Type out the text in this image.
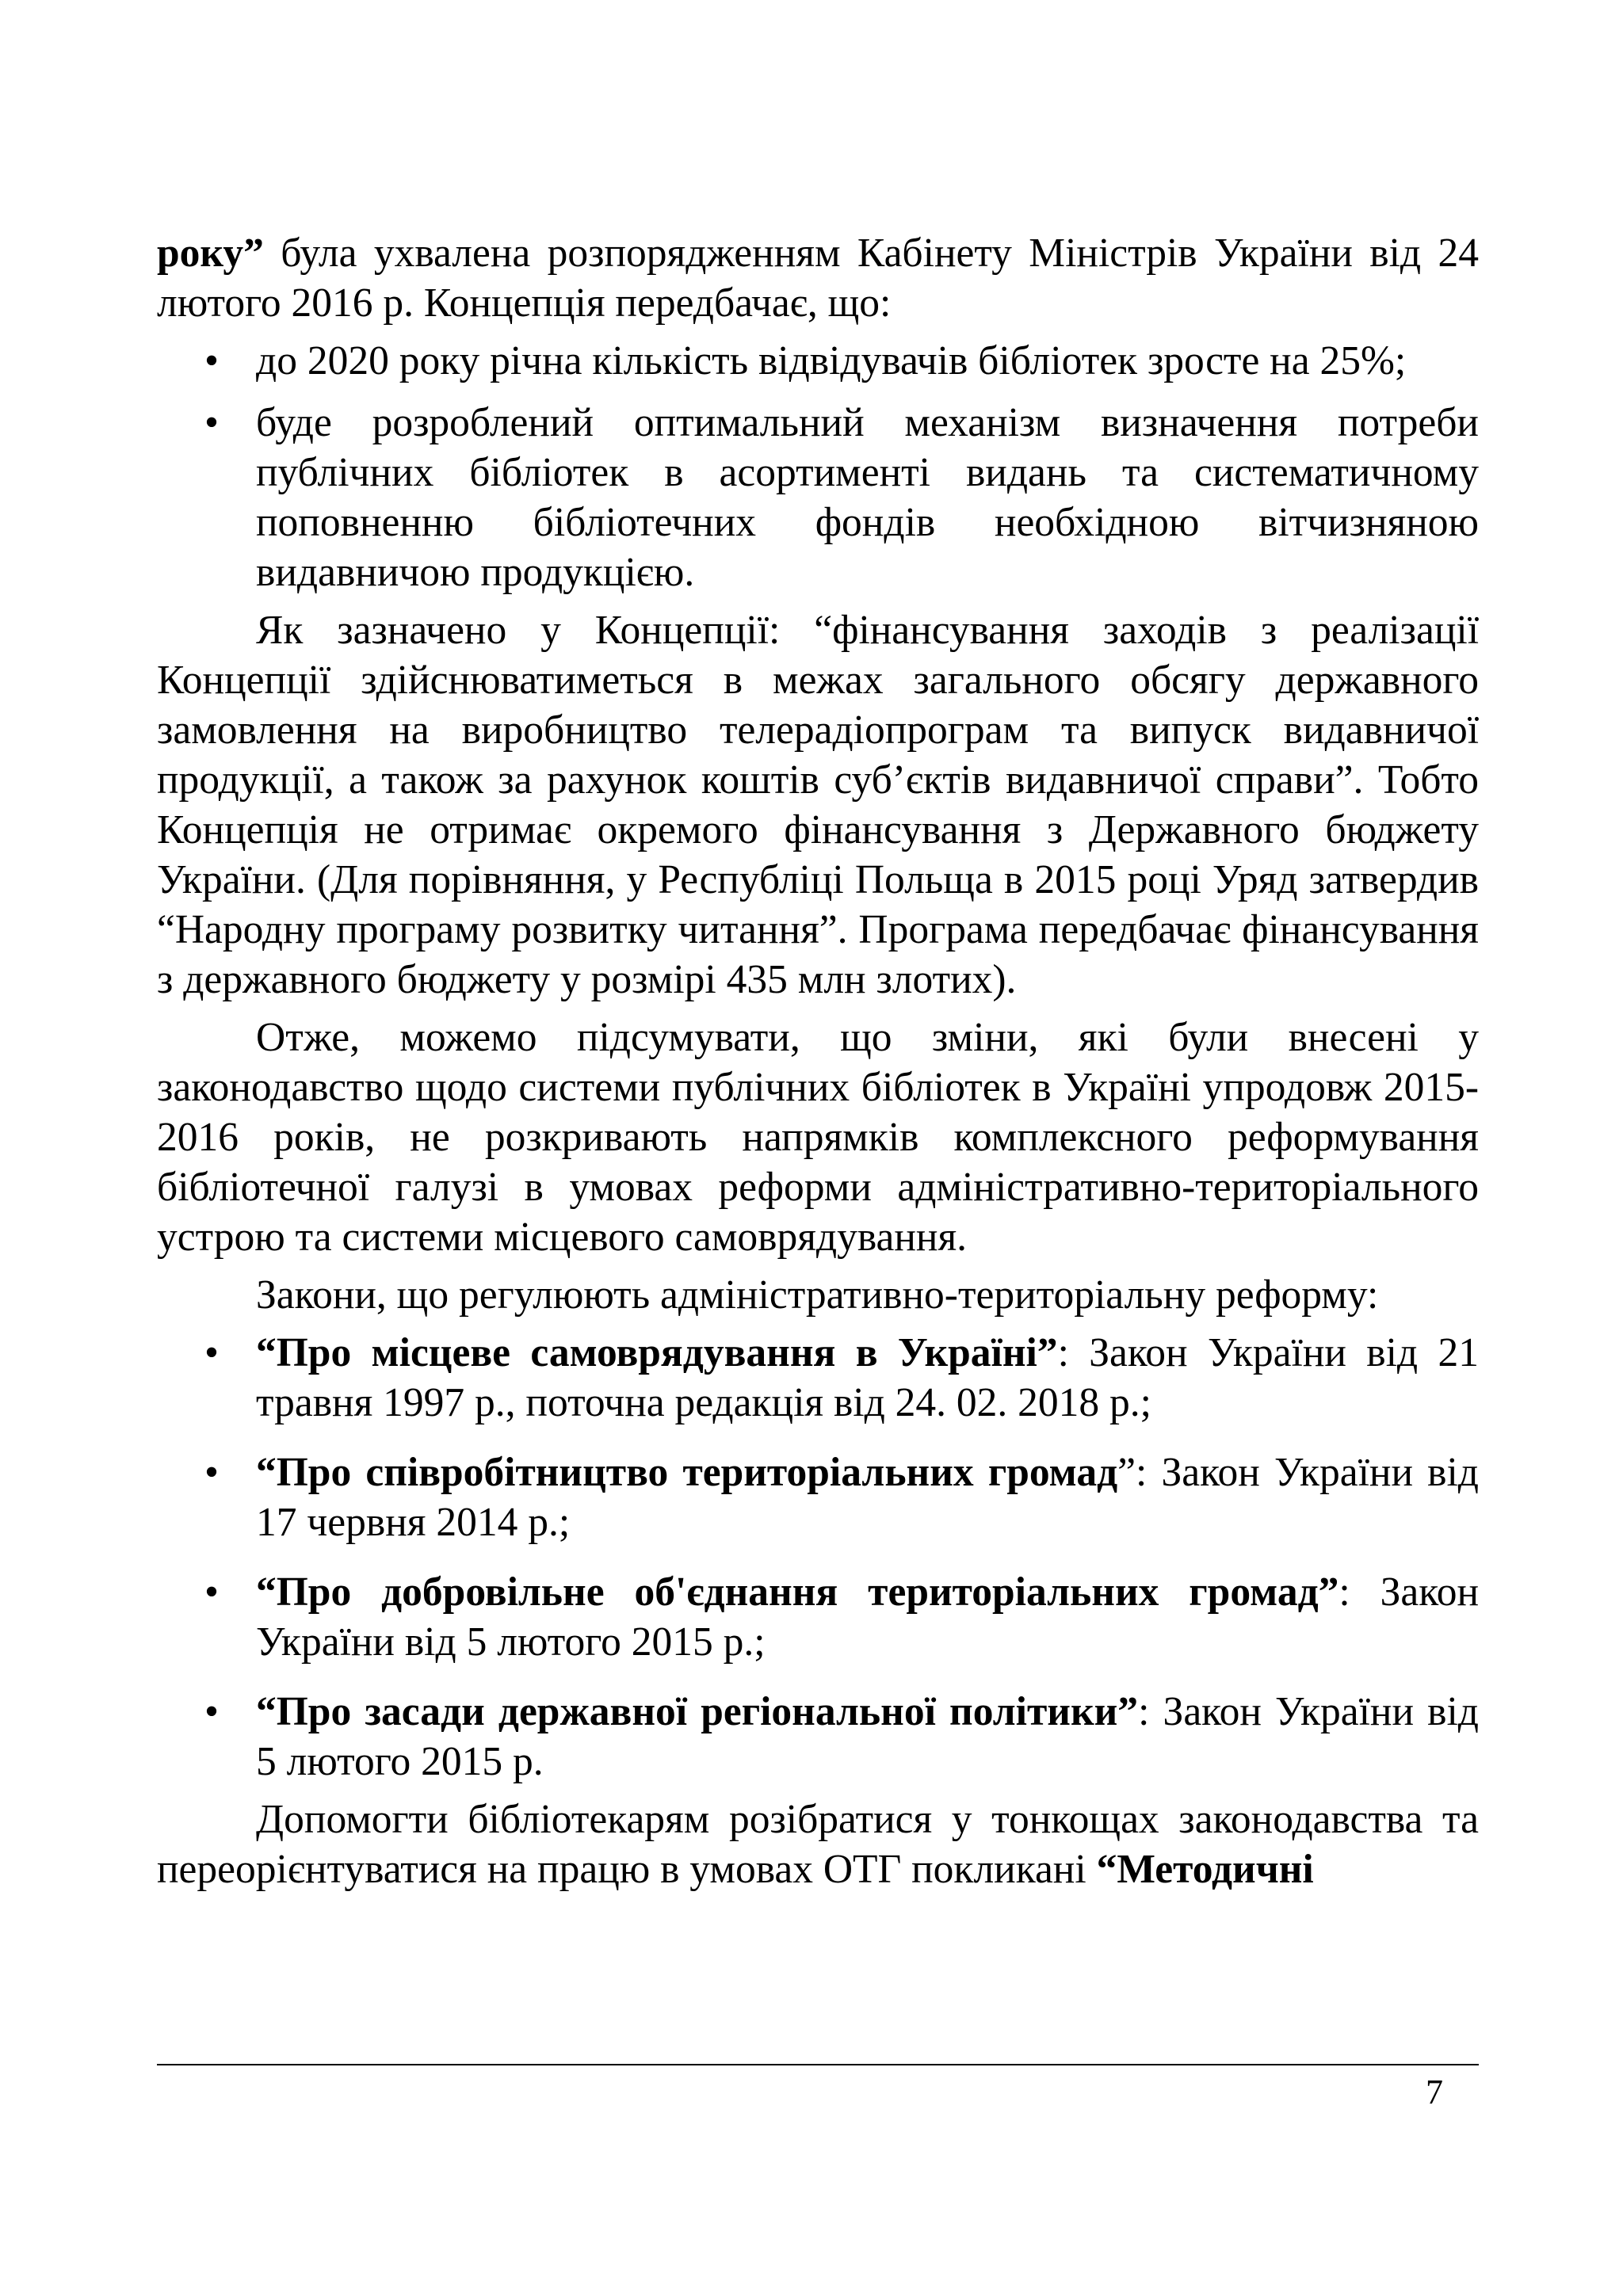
року” була ухвалена розпорядженням Кабінету Міністрів України від 24 лютого 2016 р. Концепція передбачає, що:

• до 2020 року річна кількість відвідувачів бібліотек зросте на 25%;
• буде розроблений оптимальний механізм визначення потреби публічних бібліотек в асортименті видань та систематичному поповненню бібліотечних фондів необхідною вітчизняною видавничою продукцією.

Як зазначено у Концепції: “фінансування заходів з реалізації Концепції здійснюватиметься в межах загального обсягу державного замовлення на виробництво телерадіопрограм та випуск видавничої продукції, а також за рахунок коштів суб’єктів видавничої справи”. Тобто Концепція не отримає окремого фінансування з Державного бюджету України. (Для порівняння, у Республіці Польща в 2015 році Уряд затвердив “Народну програму розвитку читання”. Програма передбачає фінансування з державного бюджету у розмірі 435 млн злотих).

Отже, можемо підсумувати, що зміни, які були внесені у законодавство щодо системи публічних бібліотек в Україні упродовж 2015-2016 років, не розкривають напрямків комплексного реформування бібліотечної галузі в умовах реформи адміністративно-територіального устрою та системи місцевого самоврядування.

Закони, що регулюють адміністративно-територіальну реформу:

• “Про місцеве самоврядування в Україні”: Закон України від 21 травня 1997 р., поточна редакція від 24. 02. 2018 р.;
• “Про співробітництво територіальних громад”: Закон України від 17 червня 2014 р.;
• “Про добровільне об'єднання територіальних громад”: Закон України від 5 лютого 2015 р.;
• “Про засади державної регіональної політики”: Закон України від 5 лютого 2015 р.

Допомогти бібліотекарям розібратися у тонкощах законодавства та переорієнтуватися на працю в умовах ОТГ покликані “Методичні

7
